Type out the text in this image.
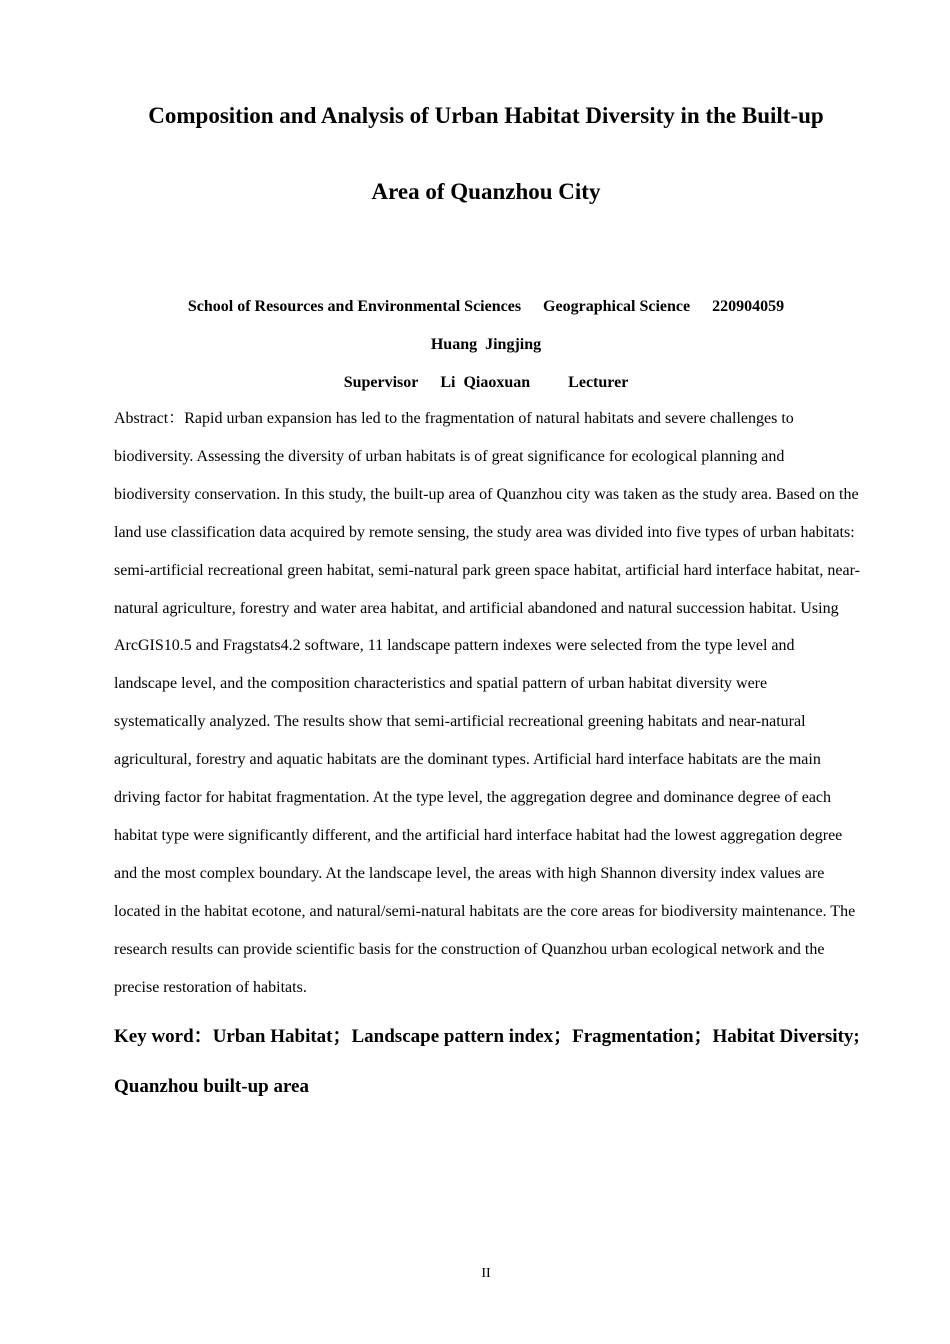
Composition and Analysis of Urban Habitat Diversity in the Built-up
Area of Quanzhou City
School of Resources and Environmental Sciences Geographical Science 220904059
Huang  Jingjing
Supervisor Li  Qiaoxuan Lecturer

Abstract：Rapid urban expansion has led to the fragmentation of natural habitats and severe challenges to biodiversity. Assessing the diversity of urban habitats is of great significance for ecological planning and biodiversity conservation. In this study, the built-up area of Quanzhou city was taken as the study area. Based on the land use classification data acquired by remote sensing, the study area was divided into five types of urban habitats: semi-artificial recreational green habitat, semi-natural park green space habitat, artificial hard interface habitat, near-natural agriculture, forestry and water area habitat, and artificial abandoned and natural succession habitat. Using ArcGIS10.5 and Fragstats4.2 software, 11 landscape pattern indexes were selected from the type level and landscape level, and the composition characteristics and spatial pattern of urban habitat diversity were systematically analyzed. The results show that semi-artificial recreational greening habitats and near-natural agricultural, forestry and aquatic habitats are the dominant types. Artificial hard interface habitats are the main driving factor for habitat fragmentation. At the type level, the aggregation degree and dominance degree of each habitat type were significantly different, and the artificial hard interface habitat had the lowest aggregation degree and the most complex boundary. At the landscape level, the areas with high Shannon diversity index values are located in the habitat ecotone, and natural/semi-natural habitats are the core areas for biodiversity maintenance. The research results can provide scientific basis for the construction of Quanzhou urban ecological network and the precise restoration of habitats.

Key word：Urban Habitat；Landscape pattern index；Fragmentation；Habitat Diversity; Quanzhou built-up area

II
